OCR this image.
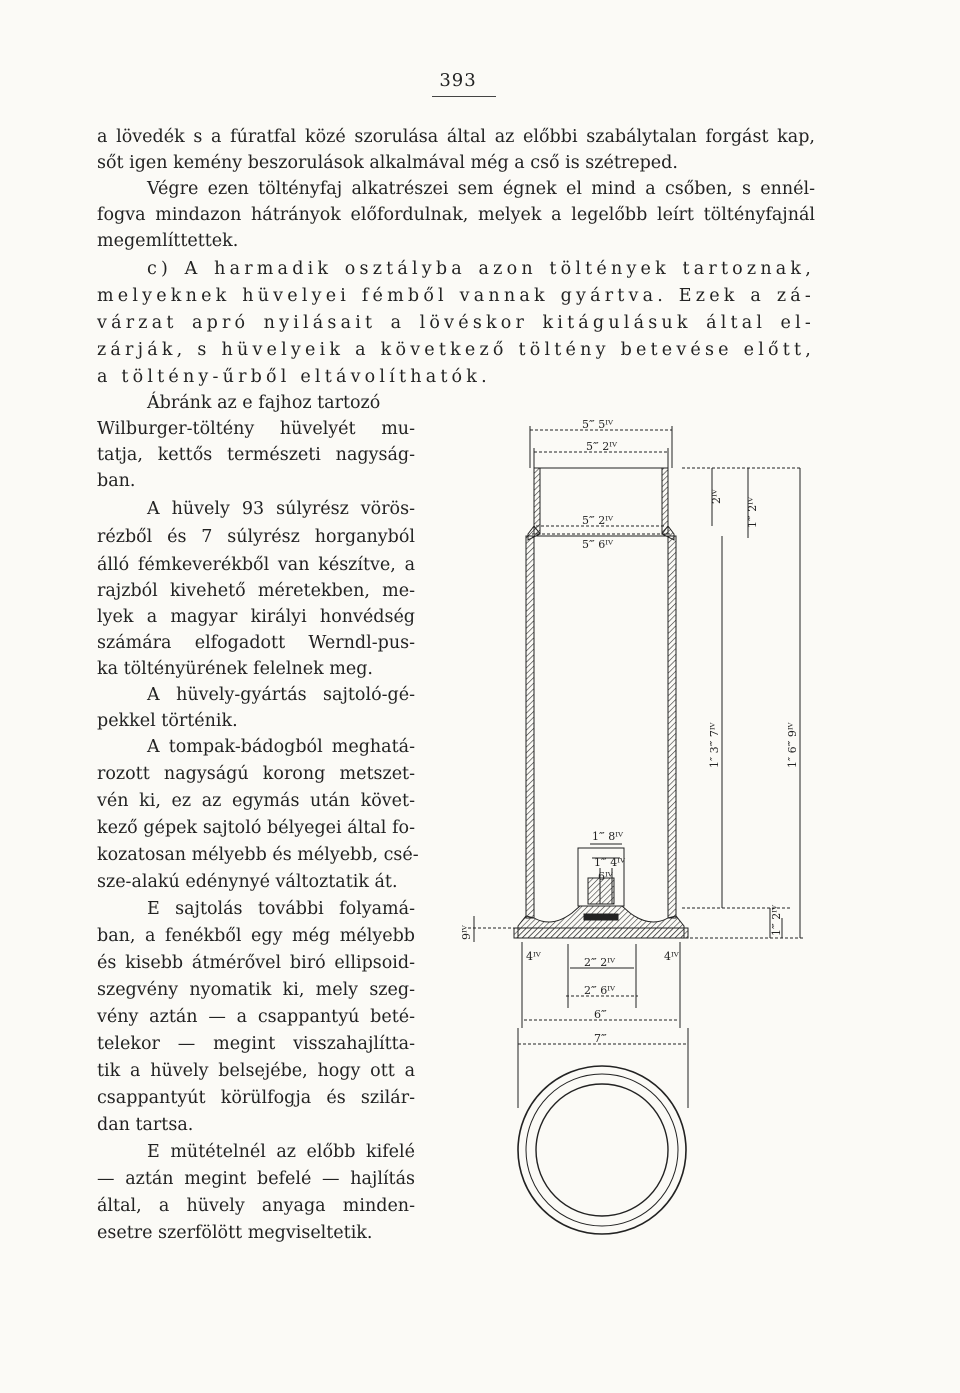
393
a lövedék s a fúratfal közé szorulása által az előbbi szabálytalan forgást kap,
sőt igen kemény beszorulások alkalmával még a cső is szétreped.
Végre ezen töltényfaj alkatrészei sem égnek el mind a csőben, s ennél-
fogva mindazon hátrányok előfordulnak, melyek a legelőbb leírt töltényfajnál
megemlíttettek.
c) A harmadik osztályba azon töltények tartoznak,
melyeknek hüvelyei fémből vannak gyártva. Ezek a zá-
várzat apró nyilásait a lövéskor kitágulásuk által el-
zárják, s hüvelyeik a következő töltény betevése előtt,
a töltény-űrből eltávolíthatók.
Ábránk az e fajhoz tartozó
Wilburger-töltény hüvelyét mu-
tatja, kettős természeti nagyság-
ban.
A hüvely 93 súlyrész vörös-
rézből és 7 súlyrész horganyból
álló fémkeverékből van készítve, a
rajzból kivehető méretekben, me-
lyek a magyar királyi honvédség
számára elfogadott Werndl-pus-
ka töltényürének felelnek meg.
A hüvely-gyártás sajtoló-gé-
pekkel történik.
A tompak-bádogból meghatá-
rozott nagyságú korong metszet-
vén ki, ez az egymás után követ-
kező gépek sajtoló bélyegei által fo-
kozatosan mélyebb és mélyebb, csé-
sze-alakú edénynyé változtatik át.
E sajtolás további folyamá-
ban, a fenékből egy még mélyebb
és kisebb átmérővel biró ellipsoid-
szegvény nyomatik ki, mely szeg-
vény aztán — a csappantyú beté-
telekor — megint visszahajlítta-
tik a hüvely belsejébe, hogy ott a
csappantyút körülfogja és szilár-
dan tartsa.
E mütételnél az előbb kifelé
— aztán megint befelé — hajlítás
által, a hüvely anyaga minden-
esetre szerfölött megviseltetik.
5‴ 5ᴵⱽ
5‴ 2ᴵⱽ
5‴ 2ᴵⱽ
5‴ 6ᴵⱽ
2ᴵⱽ
1‴ 2ᴵⱽ
1″ 3‴ 7ᴵⱽ	1″ 6‴ 9ᴵⱽ
1‴ 8ᴵⱽ
1‴ 4ᴵⱽ
6ᴵⱽ
1‴ 2ᴵⱽ
9ᴵⱽ
4ᴵⱽ	4ᴵⱽ
2‴ 2ᴵⱽ
2‴ 6ᴵⱽ
6‴
7‴
